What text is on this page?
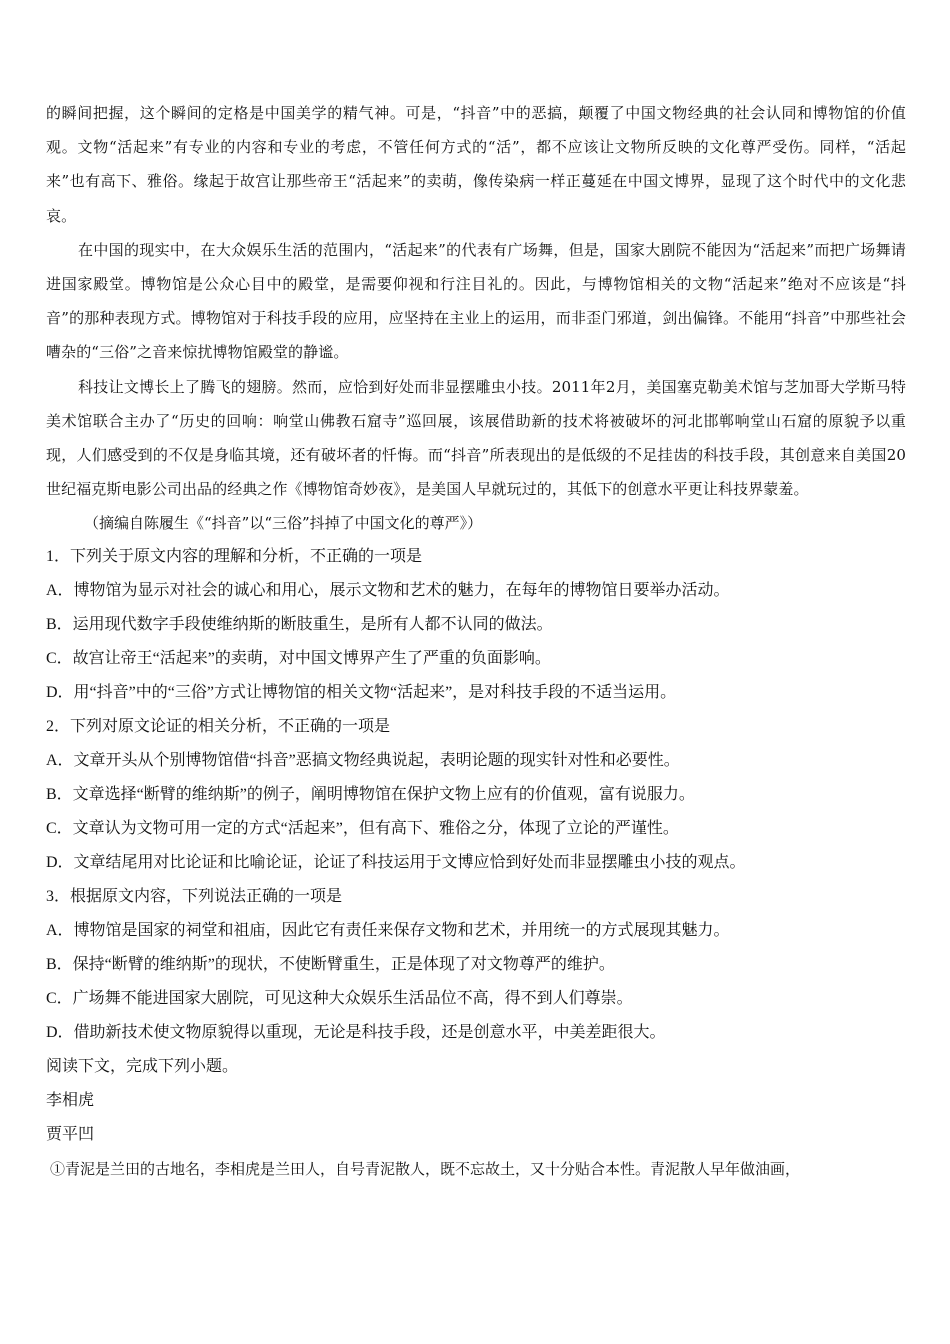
的瞬间把握，这个瞬间的定格是中国美学的精气神。可是，“抖音”中的恶搞，颠覆了中国文物经典的社会认同和博物馆的价值观。文物“活起来”有专业的内容和专业的考虑，不管任何方式的“活”，都不应该让文物所反映的文化尊严受伤。同样，“活起来”也有高下、雅俗。缘起于故宫让那些帝王“活起来”的卖萌，像传染病一样正蔓延在中国文博界，显现了这个时代中的文化悲哀。

在中国的现实中，在大众娱乐生活的范围内，“活起来”的代表有广场舞，但是，国家大剧院不能因为“活起来”而把广场舞请进国家殿堂。博物馆是公众心目中的殿堂，是需要仰视和行注目礼的。因此，与博物馆相关的文物“活起来”绝对不应该是“抖音”的那种表现方式。博物馆对于科技手段的应用，应坚持在主业上的运用，而非歪门邪道，剑出偏锋。不能用“抖音”中那些社会嘈杂的“三俗”之音来惊扰博物馆殿堂的静谧。

科技让文博长上了腾飞的翅膀。然而，应恰到好处而非显摆雕虫小技。2011年2月，美国塞克勒美术馆与芝加哥大学斯马特美术馆联合主办了“历史的回响：响堂山佛教石窟寺”巡回展，该展借助新的技术将被破坏的河北邯郸响堂山石窟的原貌予以重现，人们感受到的不仅是身临其境，还有破坏者的忏悔。而“抖音”所表现出的是低级的不足挂齿的科技手段，其创意来自美国20世纪福克斯电影公司出品的经典之作《博物馆奇妙夜》，是美国人早就玩过的，其低下的创意水平更让科技界蒙羞。

（摘编自陈履生《“抖音”以“三俗”抖掉了中国文化的尊严》）

1．下列关于原文内容的理解和分析，不正确的一项是

A．博物馆为显示对社会的诚心和用心，展示文物和艺术的魅力，在每年的博物馆日要举办活动。

B．运用现代数字手段使维纳斯的断肢重生，是所有人都不认同的做法。

C．故宫让帝王“活起来”的卖萌，对中国文博界产生了严重的负面影响。

D．用“抖音”中的“三俗”方式让博物馆的相关文物“活起来”，是对科技手段的不适当运用。

2．下列对原文论证的相关分析，不正确的一项是

A．文章开头从个别博物馆借“抖音”恶搞文物经典说起，表明论题的现实针对性和必要性。

B．文章选择“断臂的维纳斯”的例子，阐明博物馆在保护文物上应有的价值观，富有说服力。

C．文章认为文物可用一定的方式“活起来”，但有高下、雅俗之分，体现了立论的严谨性。

D．文章结尾用对比论证和比喻论证，论证了科技运用于文博应恰到好处而非显摆雕虫小技的观点。

3．根据原文内容，下列说法正确的一项是

A．博物馆是国家的祠堂和祖庙，因此它有责任来保存文物和艺术，并用统一的方式展现其魅力。

B．保持“断臂的维纳斯”的现状，不使断臂重生，正是体现了对文物尊严的维护。

C．广场舞不能进国家大剧院，可见这种大众娱乐生活品位不高，得不到人们尊崇。

D．借助新技术使文物原貌得以重现，无论是科技手段，还是创意水平，中美差距很大。

阅读下文，完成下列小题。

李相虎

贾平凹

①青泥是兰田的古地名，李相虎是兰田人，自号青泥散人，既不忘故土，又十分贴合本性。青泥散人早年做油画，
